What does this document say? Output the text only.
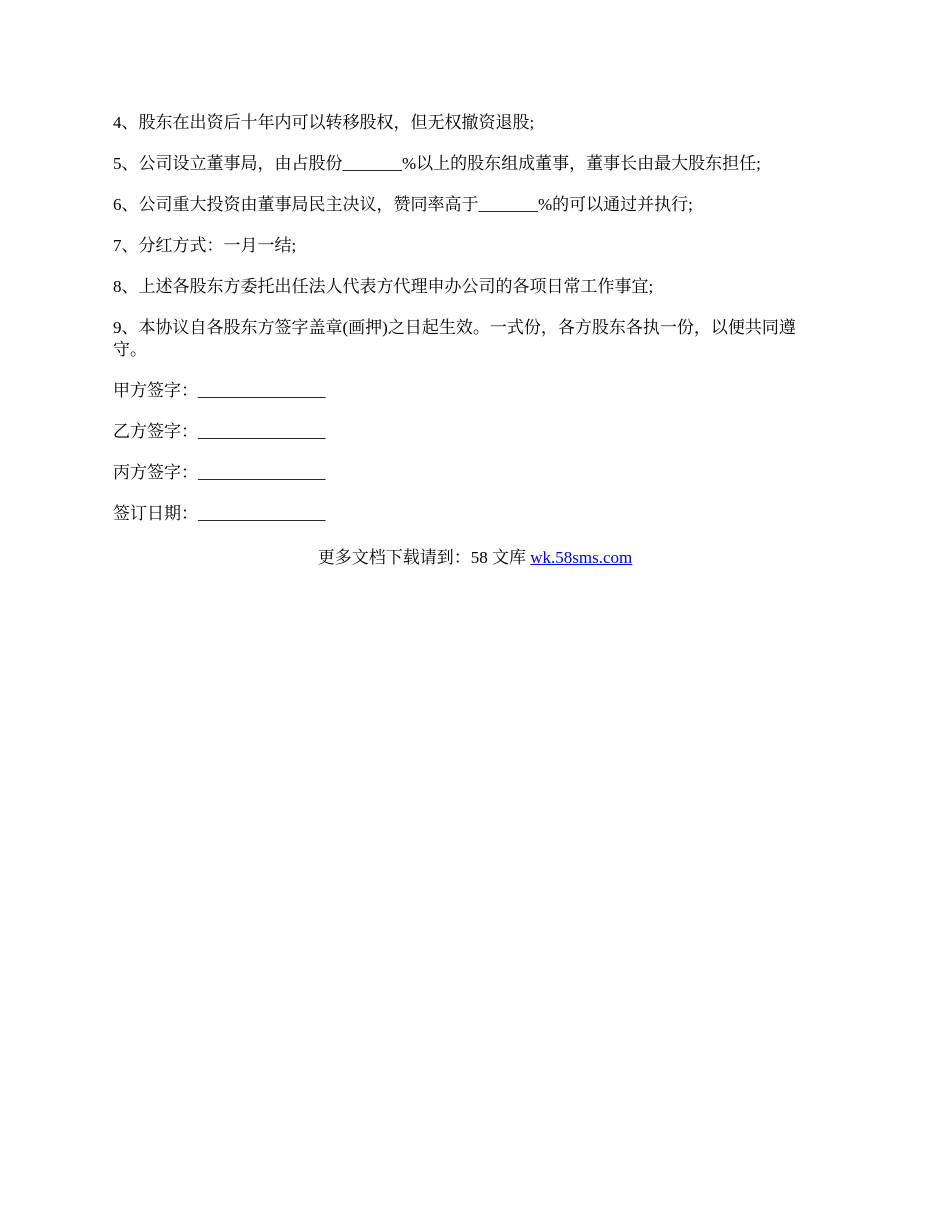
4、股东在出资后十年内可以转移股权，但无权撤资退股;

5、公司设立董事局，由占股份_______%以上的股东组成董事，董事长由最大股东担任;

6、公司重大投资由董事局民主决议，赞同率高于_______%的可以通过并执行;

7、分红方式：一月一结;

8、上述各股东方委托出任法人代表方代理申办公司的各项日常工作事宜;

9、本协议自各股东方签字盖章(画押)之日起生效。一式份，各方股东各执一份，以便共同遵守。

甲方签字：_______________

乙方签字：_______________

丙方签字：_______________

签订日期：_______________

更多文档下载请到：58 文库 wk.58sms.com
